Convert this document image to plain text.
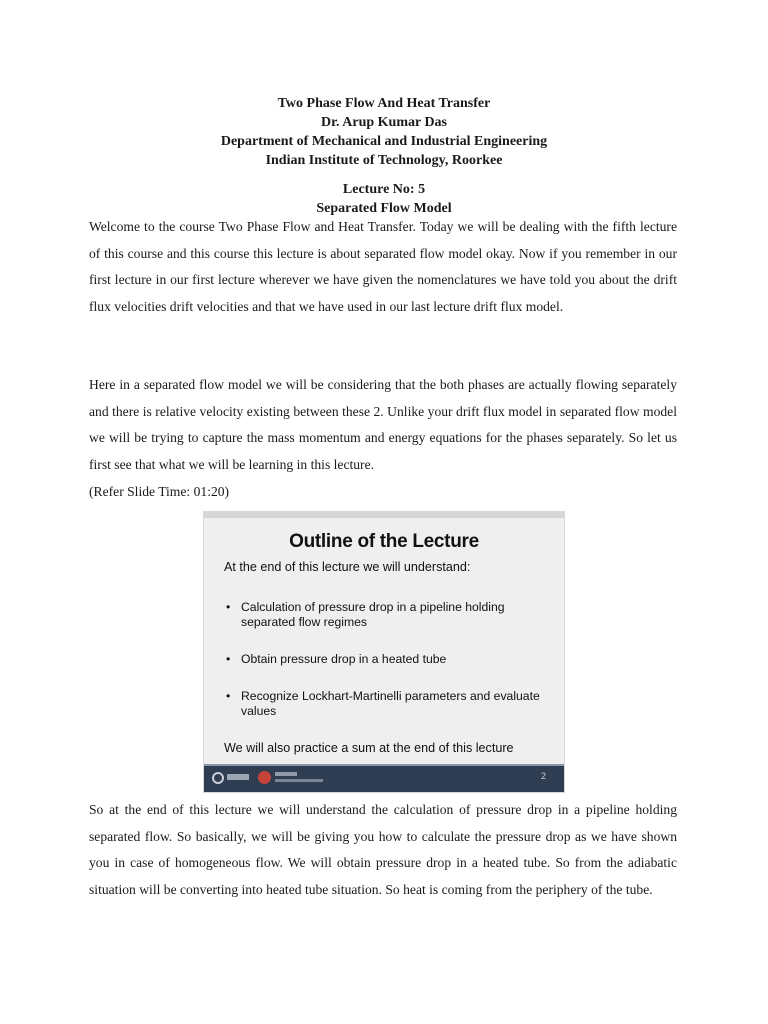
Two Phase Flow And Heat Transfer
Dr. Arup Kumar Das
Department of Mechanical and Industrial Engineering
Indian Institute of Technology, Roorkee
Lecture No: 5
Separated Flow Model

Welcome to the course Two Phase Flow and Heat Transfer. Today we will be dealing with the fifth lecture of this course and this course this lecture is about separated flow model okay. Now if you remember in our first lecture in our first lecture wherever we have given the nomenclatures we have told you about the drift flux velocities drift velocities and that we have used in our last lecture drift flux model.

Here in a separated flow model we will be considering that the both phases are actually flowing separately and there is relative velocity existing between these 2. Unlike your drift flux model in separated flow model we will be trying to capture the mass momentum and energy equations for the phases separately. So let us first see that what we will be learning in this lecture.

(Refer Slide Time: 01:20)

Outline of the Lecture
At the end of this lecture we will understand:
• Calculation of pressure drop in a pipeline holding separated flow regimes
• Obtain pressure drop in a heated tube
• Recognize Lockhart-Martinelli parameters and evaluate values
We will also practice a sum at the end of this lecture
2

So at the end of this lecture we will understand the calculation of pressure drop in a pipeline holding separated flow. So basically, we will be giving you how to calculate the pressure drop as we have shown you in case of homogeneous flow. We will obtain pressure drop in a heated tube. So from the adiabatic situation will be converting into heated tube situation. So heat is coming from the periphery of the tube.
